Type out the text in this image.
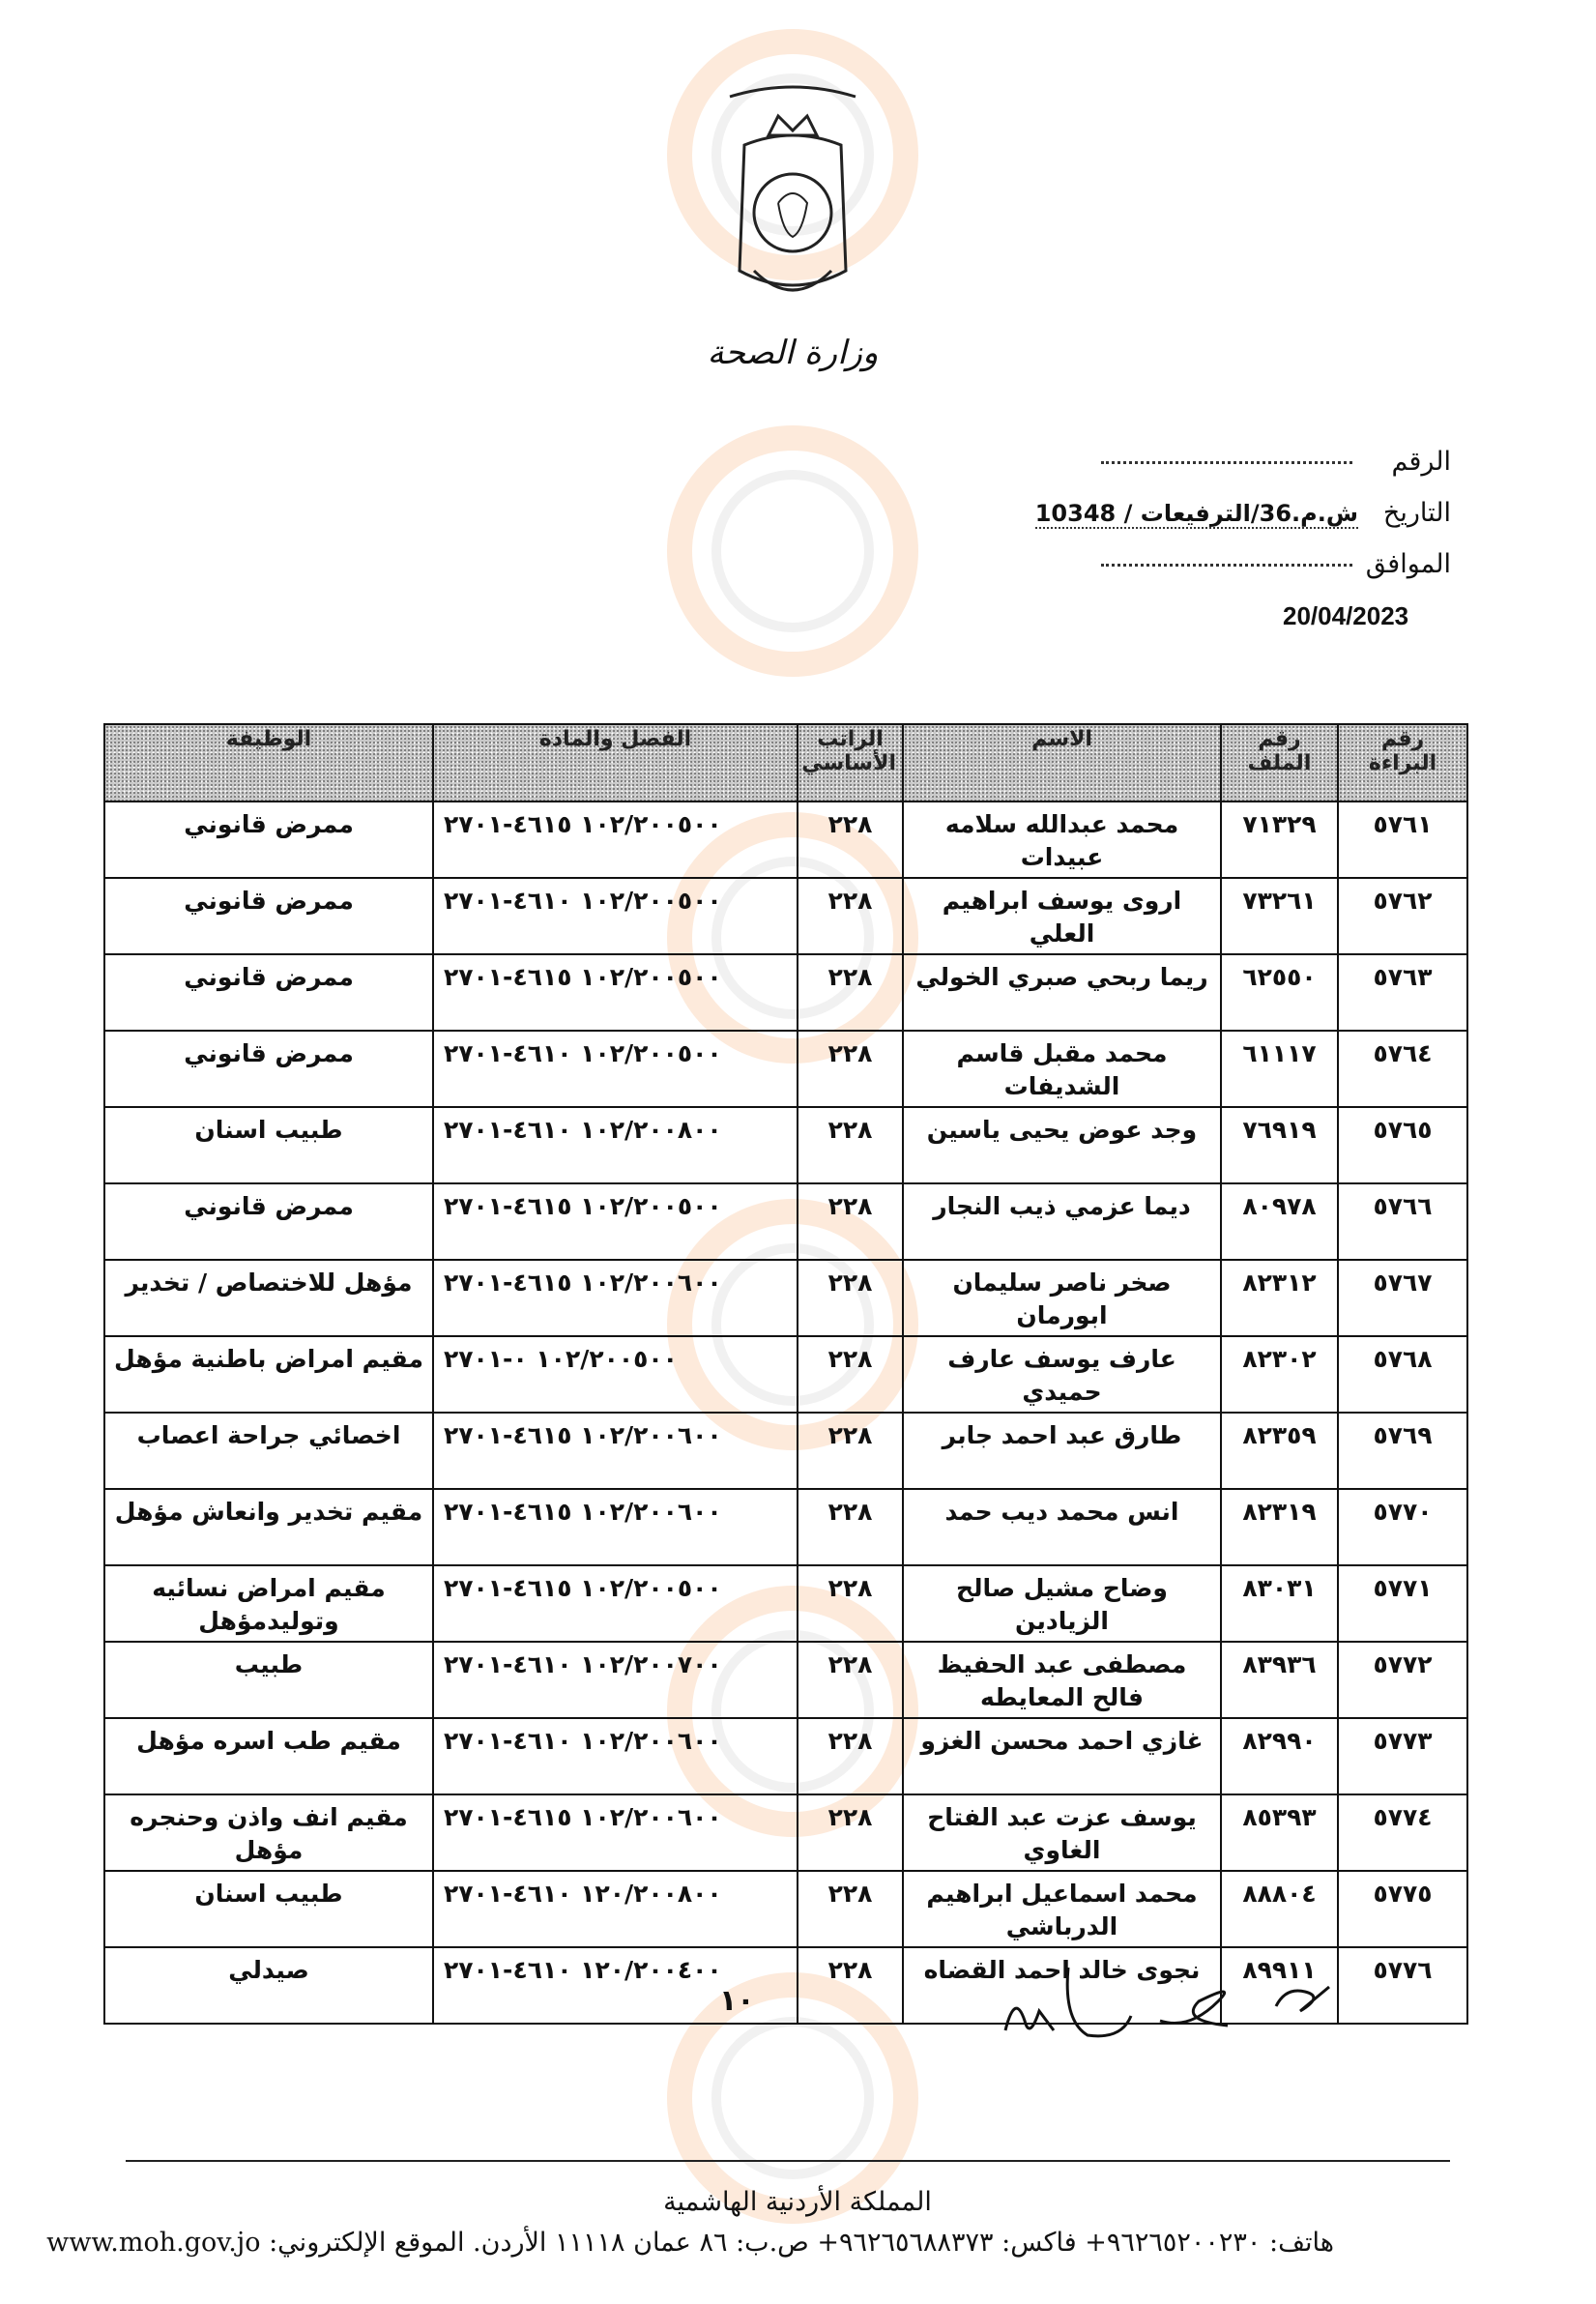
وزارة الصحة
الرقم
التاريخش.م.36/الترفيعات / 10348
الموافق
20/04/2023
رقم البراءة	رقم الملف	الاسم	الراتب الأساسي	الفصل والمادة	الوظيفة
٥٧٦١	٧١٣٢٩	محمد عبدالله سلامه عبيدات	٢٢٨	١٠٢/٢٠٠٥٠٠ ٤٦١٥-٢٧٠١	ممرض قانوني
٥٧٦٢	٧٣٢٦١	اروى يوسف ابراهيم العلي	٢٢٨	١٠٢/٢٠٠٥٠٠ ٤٦١٠-٢٧٠١	ممرض قانوني
٥٧٦٣	٦٢٥٥٠	ريما ربحي صبري الخولي	٢٢٨	١٠٢/٢٠٠٥٠٠ ٤٦١٥-٢٧٠١	ممرض قانوني
٥٧٦٤	٦١١١٧	محمد مقبل قاسم الشديفات	٢٢٨	١٠٢/٢٠٠٥٠٠ ٤٦١٠-٢٧٠١	ممرض قانوني
٥٧٦٥	٧٦٩١٩	وجد عوض يحيى ياسين	٢٢٨	١٠٢/٢٠٠٨٠٠ ٤٦١٠-٢٧٠١	طبيب اسنان
٥٧٦٦	٨٠٩٧٨	ديما عزمي ذيب النجار	٢٢٨	١٠٢/٢٠٠٥٠٠ ٤٦١٥-٢٧٠١	ممرض قانوني
٥٧٦٧	٨٢٣١٢	صخر ناصر سليمان ابورمان	٢٢٨	١٠٢/٢٠٠٦٠٠ ٤٦١٥-٢٧٠١	مؤهل للاختصاص / تخدير
٥٧٦٨	٨٢٣٠٢	عارف يوسف عارف حميدي	٢٢٨	١٠٢/٢٠٠٥٠٠ ٠-٢٧٠١	مقيم امراض باطنية مؤهل
٥٧٦٩	٨٢٣٥٩	طارق عبد احمد جابر	٢٢٨	١٠٢/٢٠٠٦٠٠ ٤٦١٥-٢٧٠١	اخصائي جراحة اعصاب
٥٧٧٠	٨٢٣١٩	انس محمد ديب حمد	٢٢٨	١٠٢/٢٠٠٦٠٠ ٤٦١٥-٢٧٠١	مقيم تخدير وانعاش مؤهل
٥٧٧١	٨٣٠٣١	وضاح مشيل صالح الزيادين	٢٢٨	١٠٢/٢٠٠٥٠٠ ٤٦١٥-٢٧٠١	مقيم امراض نسائيه وتوليدمؤهل
٥٧٧٢	٨٣٩٣٦	مصطفى عبد الحفيظ فالح المعايطه	٢٢٨	١٠٢/٢٠٠٧٠٠ ٤٦١٠-٢٧٠١	طبيب
٥٧٧٣	٨٢٩٩٠	غازي احمد محسن الغزو	٢٢٨	١٠٢/٢٠٠٦٠٠ ٤٦١٠-٢٧٠١	مقيم طب اسره مؤهل
٥٧٧٤	٨٥٣٩٣	يوسف عزت عبد الفتاح الغاوي	٢٢٨	١٠٢/٢٠٠٦٠٠ ٤٦١٥-٢٧٠١	مقيم انف واذن وحنجره مؤهل
٥٧٧٥	٨٨٨٠٤	محمد اسماعيل ابراهيم الدرباشي	٢٢٨	١٢٠/٢٠٠٨٠٠ ٤٦١٠-٢٧٠١	طبيب اسنان
٥٧٧٦	٨٩٩١١	نجوى خالد احمد القضاه	٢٢٨	١٢٠/٢٠٠٤٠٠ ٤٦١٠-٢٧٠١	صيدلي
١٠
المملكة الأردنية الهاشمية
هاتف: ٩٦٢٦٥٢٠٠٢٣٠+ فاكس: ٩٦٢٦٥٦٨٨٣٧٣+ ص.ب: ٨٦ عمان ١١١١٨ الأردن. الموقع الإلكتروني: www.moh.gov.jo
